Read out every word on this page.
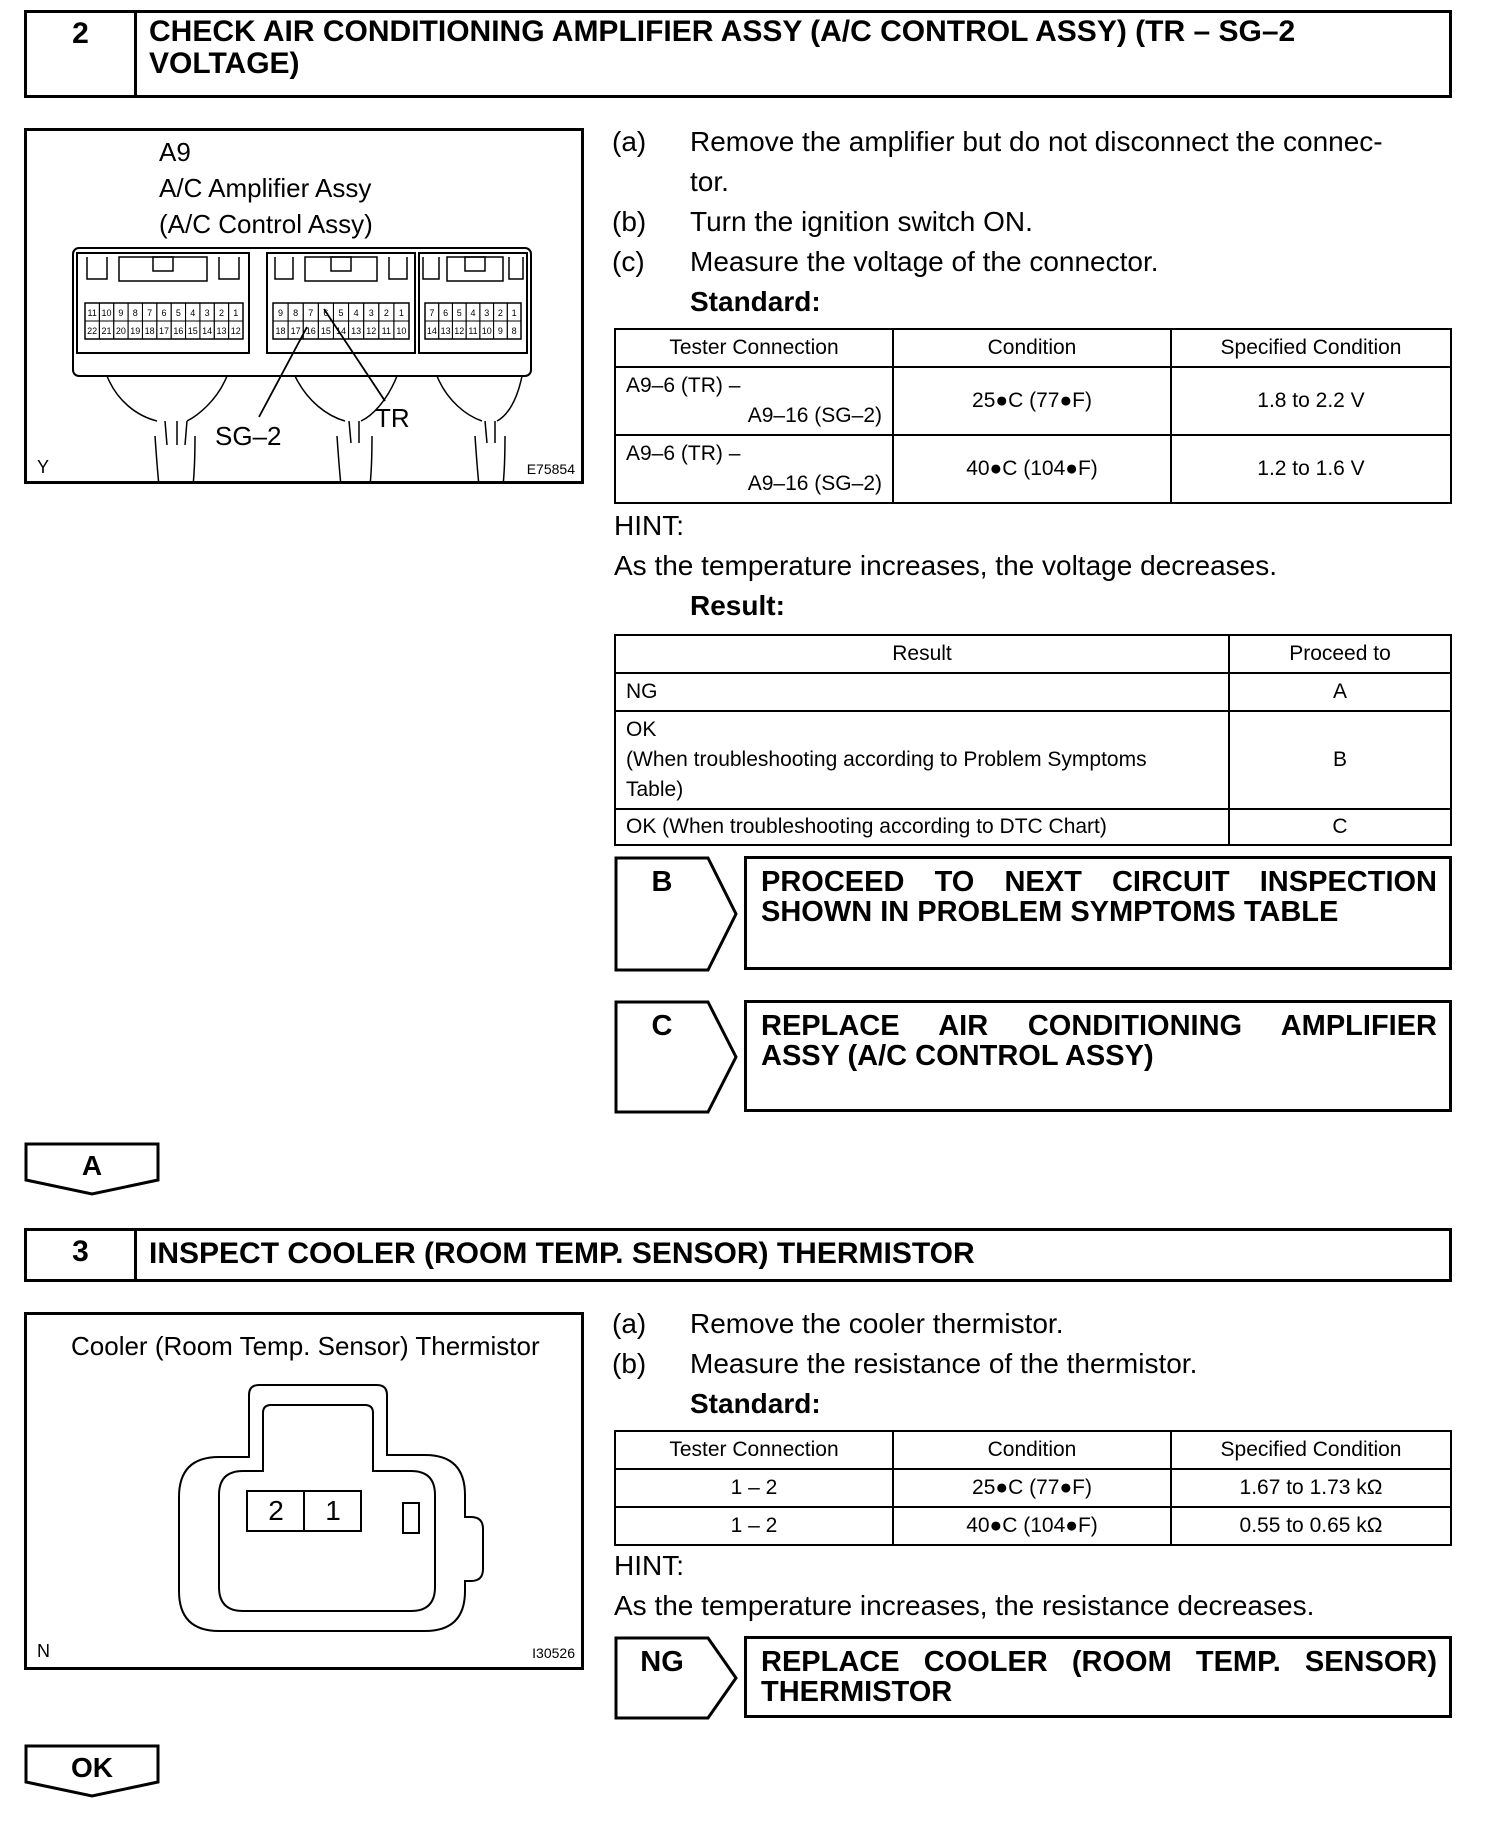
2	CHECK AIR CONDITIONING AMPLIFIER ASSY (A/C CONTROL ASSY) (TR – SG–2 VOLTAGE)
A9
A/C Amplifier Assy
(A/C Control Assy)
11 10 9 8 7 6 5 4 3 2 1
22 21 20 19 18 17 16 15 14 13 12
9 8 7 6 5 4 3 2 1
18 17 16 15 14 13 12 11 10
7 6 5 4 3 2 1
14 13 12 11 10 9 8
SG–2
TR
Y	E75854
(a) Remove the amplifier but do not disconnect the connec-
tor.
(b) Turn the ignition switch ON.
(c) Measure the voltage of the connector.
Standard:
Tester Connection	Condition	Specified Condition

A9–6 (TR) –
A9–16 (SG–2)	25●C (77●F)	1.8 to 2.2 V

A9–6 (TR) –
A9–16 (SG–2)	40●C (104●F)	1.2 to 1.6 V
HINT:
As the temperature increases, the voltage decreases.
Result:
Result	Proceed to
NG	A

OK
(When troubleshooting according to Problem Symptoms
Table)	B
OK (When troubleshooting according to DTC Chart)	C
B	PROCEED TO NEXT CIRCUIT INSPECTION
SHOWN IN PROBLEM SYMPTOMS TABLE
C	REPLACE AIR CONDITIONING AMPLIFIER
ASSY (A/C CONTROL ASSY)
A
3	INSPECT COOLER (ROOM TEMP. SENSOR) THERMISTOR
Cooler (Room Temp. Sensor) Thermistor
2	1
N	I30526
(a) Remove the cooler thermistor.
(b) Measure the resistance of the thermistor.
Standard:
Tester Connection	Condition	Specified Condition
1 – 2	25●C (77●F)	1.67 to 1.73 kΩ
1 – 2	40●C (104●F)	0.55 to 0.65 kΩ
HINT:
As the temperature increases, the resistance decreases.
NG	REPLACE COOLER (ROOM TEMP. SENSOR)
THERMISTOR
OK
